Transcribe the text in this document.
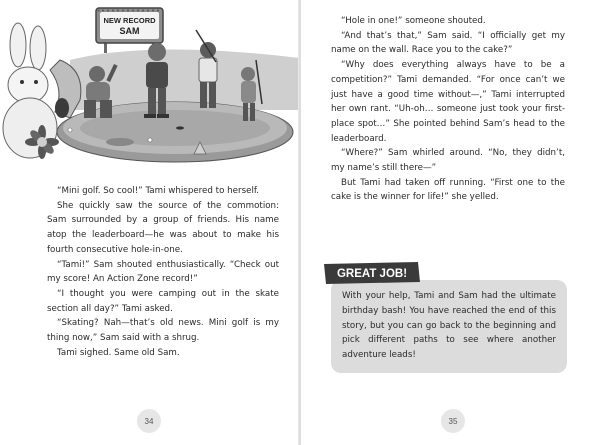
NEW RECORD
SAM

“Mini golf. So cool!” Tami whispered to herself.

She quickly saw the source of the commotion: Sam surrounded by a group of friends. His name atop the leaderboard—he was about to make his fourth consecutive hole-in-one.

“Tami!” Sam shouted enthusiastically. “Check out my score! An Action Zone record!”

“I thought you were camping out in the skate section all day?” Tami asked.

“Skating? Nah—that’s old news. Mini golf is my thing now,” Sam said with a shrug.

Tami sighed. Same old Sam.

34

“Hole in one!” someone shouted.

“And that’s that,” Sam said. “I officially get my name on the wall. Race you to the cake?”

“Why does everything always have to be a competition?” Tami demanded. “For once can’t we just have a good time without—,” Tami interrupted her own rant. “Uh-oh… someone just took your first-place spot…” She pointed behind Sam’s head to the leaderboard.

“Where?” Sam whirled around. “No, they didn’t, my name’s still there—”

But Tami had taken off running. “First one to the cake is the winner for life!” she yelled.

GREAT JOB!
With your help, Tami and Sam had the ultimate birthday bash! You have reached the end of this story, but you can go back to the beginning and pick different paths to see where another adventure leads!
35
